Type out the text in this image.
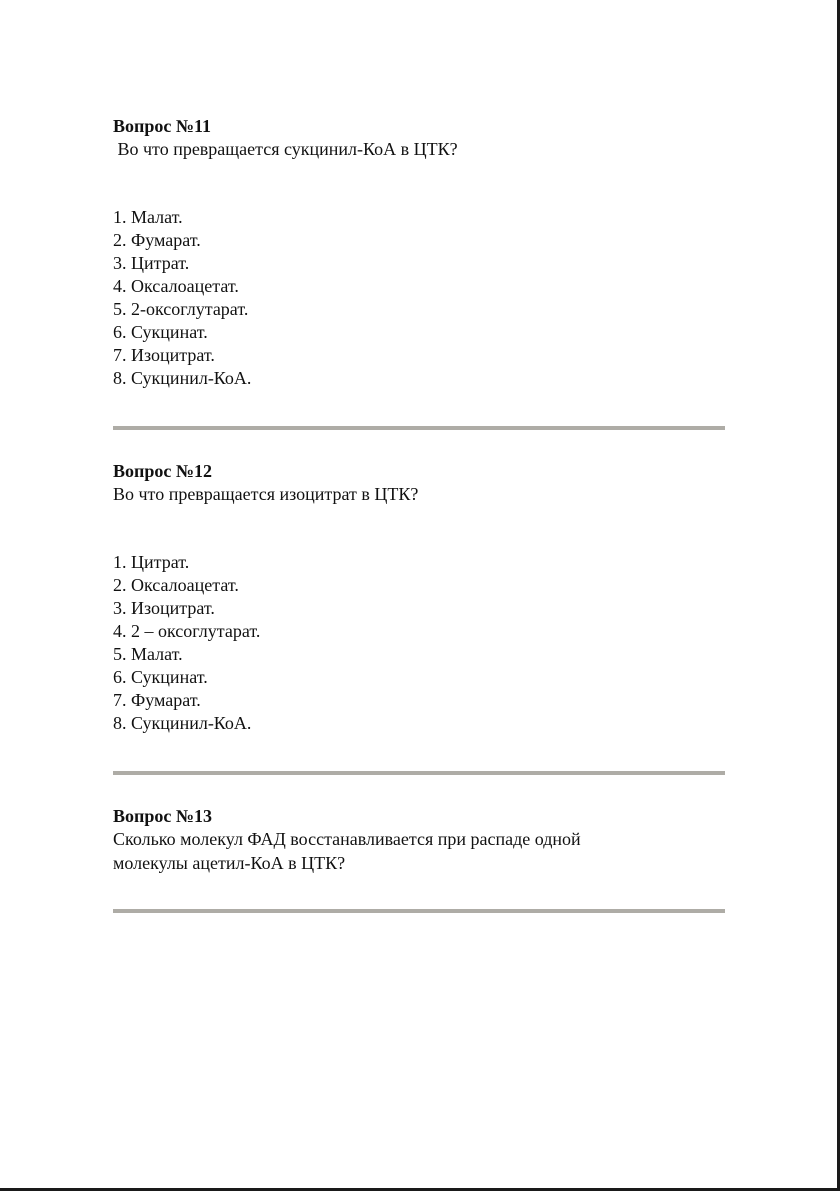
Вопрос №11

Во что превращается сукцинил-КоА в ЦТК?

1. Малат.
2. Фумарат.
3. Цитрат.
4. Оксалоацетат.
5. 2-оксоглутарат.
6. Сукцинат.
7. Изоцитрат.
8. Сукцинил-КоА.

Вопрос №12

Во что превращается изоцитрат в ЦТК?

1. Цитрат.
2. Оксалоацетат.
3. Изоцитрат.
4. 2 – оксоглутарат.
5. Малат.
6. Сукцинат.
7. Фумарат.
8. Сукцинил-КоА.

Вопрос №13

Сколько молекул ФАД восстанавливается при распаде одной

молекулы ацетил-КоА в ЦТК?
